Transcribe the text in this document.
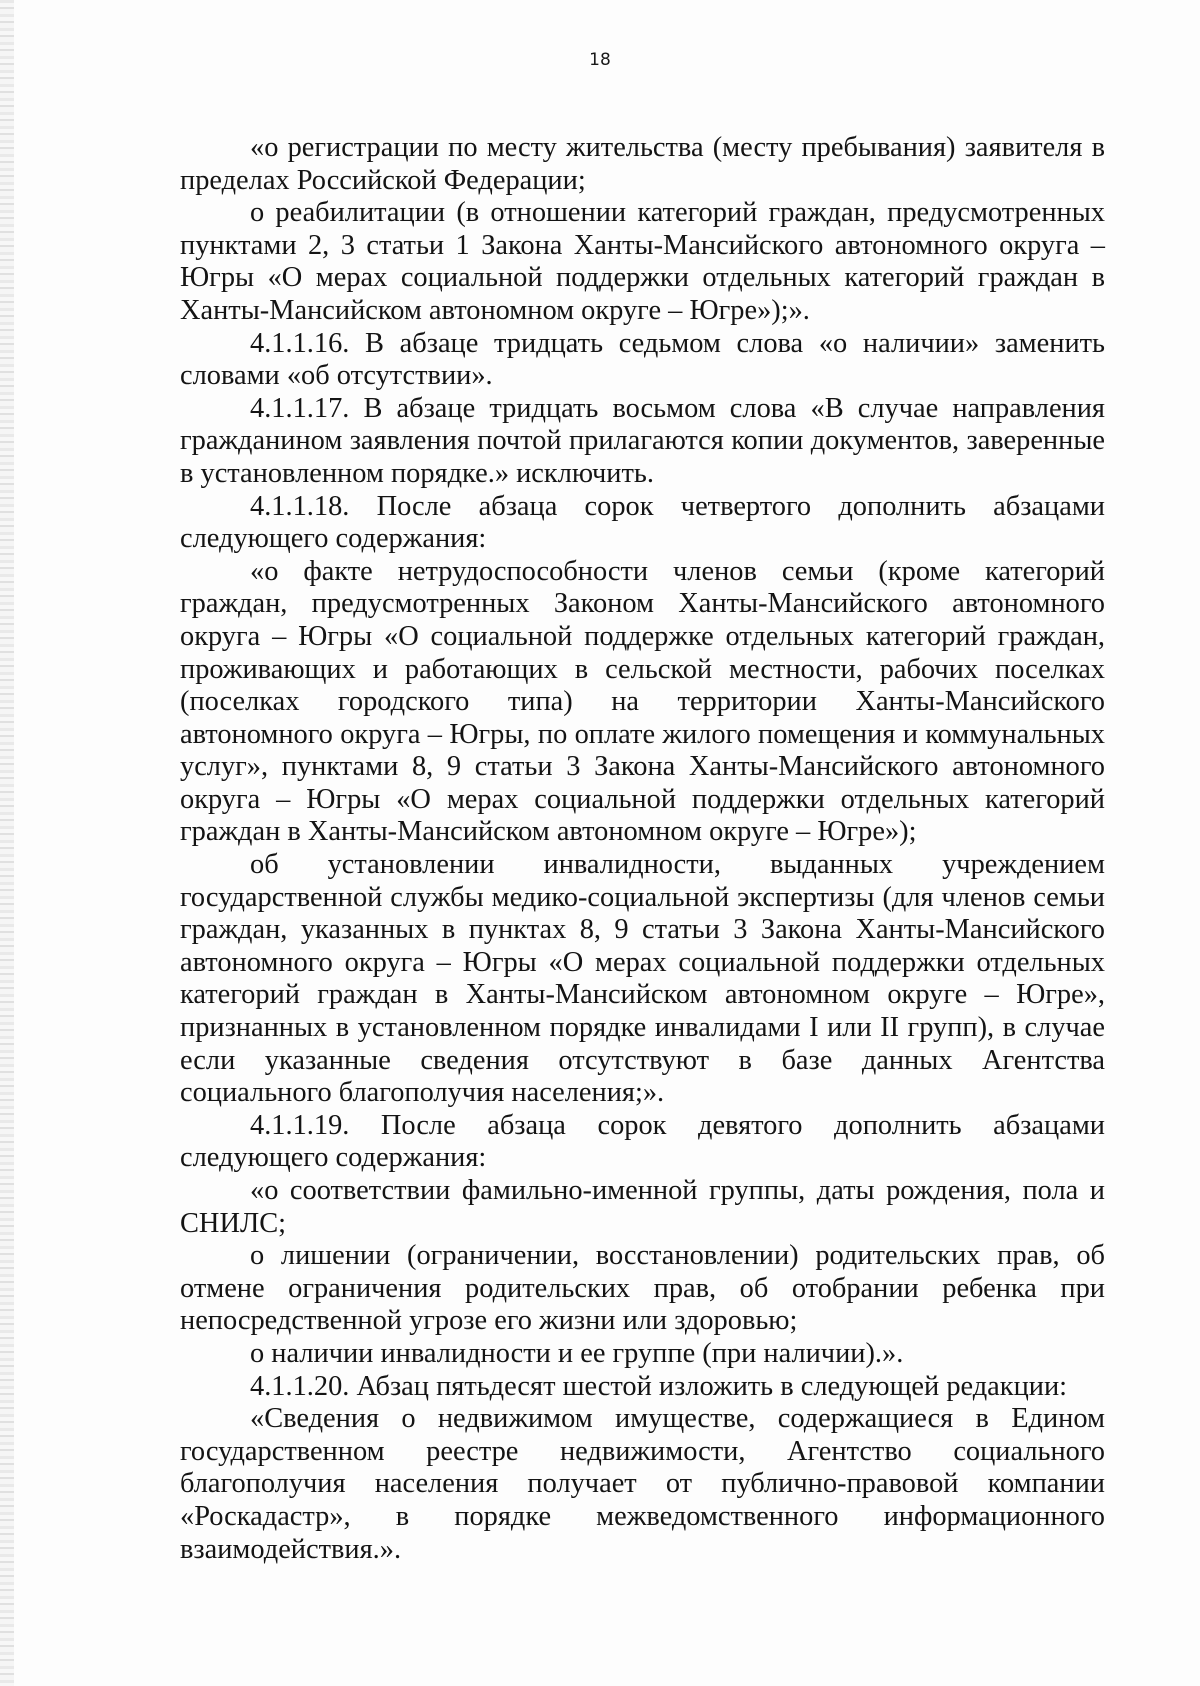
18

«о регистрации по месту жительства (месту пребывания) заявителя в пределах Российской Федерации;

о реабилитации (в отношении категорий граждан, предусмотренных пунктами 2, 3 статьи 1 Закона Ханты-Мансийского автономного округа – Югры «О мерах социальной поддержки отдельных категорий граждан в Ханты-Мансийском автономном округе – Югре»);».

4.1.1.16. В абзаце тридцать седьмом слова «о наличии» заменить словами «об отсутствии».

4.1.1.17. В абзаце тридцать восьмом слова «В случае направления гражданином заявления почтой прилагаются копии документов, заверенные в установленном порядке.» исключить.

4.1.1.18. После абзаца сорок четвертого дополнить абзацами следующего содержания:

«о факте нетрудоспособности членов семьи (кроме категорий граждан, предусмотренных Законом Ханты-Мансийского автономного округа – Югры «О социальной поддержке отдельных категорий граждан, проживающих и работающих в сельской местности, рабочих поселках (поселках городского типа) на территории Ханты-Мансийского автономного округа – Югры, по оплате жилого помещения и коммунальных услуг», пунктами 8, 9 статьи 3 Закона Ханты-Мансийского автономного округа – Югры «О мерах социальной поддержки отдельных категорий граждан в Ханты-Мансийском автономном округе – Югре»);

об установлении инвалидности, выданных учреждением государственной службы медико-социальной экспертизы (для членов семьи граждан, указанных в пунктах 8, 9 статьи 3 Закона Ханты-Мансийского автономного округа – Югры «О мерах социальной поддержки отдельных категорий граждан в Ханты-Мансийском автономном округе – Югре», признанных в установленном порядке инвалидами I или II групп), в случае если указанные сведения отсутствуют в базе данных Агентства социального благополучия населения;».

4.1.1.19. После абзаца сорок девятого дополнить абзацами следующего содержания:

«о соответствии фамильно-именной группы, даты рождения, пола и СНИЛС;

о лишении (ограничении, восстановлении) родительских прав, об отмене ограничения родительских прав, об отобрании ребенка при непосредственной угрозе его жизни или здоровью;

о наличии инвалидности и ее группе (при наличии).».

4.1.1.20. Абзац пятьдесят шестой изложить в следующей редакции:

«Сведения о недвижимом имуществе, содержащиеся в Едином государственном реестре недвижимости, Агентство социального благополучия населения получает от публично-правовой компании «Роскадастр», в порядке межведомственного информационного взаимодействия.».
